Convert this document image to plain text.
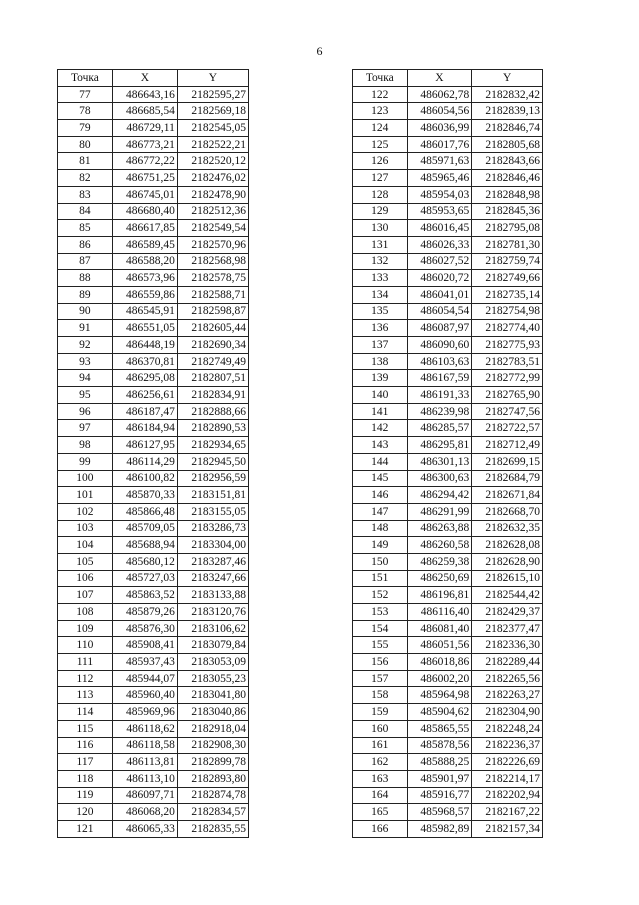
6
Точка	X	Y
77	486643,16	2182595,27
78	486685,54	2182569,18
79	486729,11	2182545,05
80	486773,21	2182522,21
81	486772,22	2182520,12
82	486751,25	2182476,02
83	486745,01	2182478,90
84	486680,40	2182512,36
85	486617,85	2182549,54
86	486589,45	2182570,96
87	486588,20	2182568,98
88	486573,96	2182578,75
89	486559,86	2182588,71
90	486545,91	2182598,87
91	486551,05	2182605,44
92	486448,19	2182690,34
93	486370,81	2182749,49
94	486295,08	2182807,51
95	486256,61	2182834,91
96	486187,47	2182888,66
97	486184,94	2182890,53
98	486127,95	2182934,65
99	486114,29	2182945,50
100	486100,82	2182956,59
101	485870,33	2183151,81
102	485866,48	2183155,05
103	485709,05	2183286,73
104	485688,94	2183304,00
105	485680,12	2183287,46
106	485727,03	2183247,66
107	485863,52	2183133,88
108	485879,26	2183120,76
109	485876,30	2183106,62
110	485908,41	2183079,84
111	485937,43	2183053,09
112	485944,07	2183055,23
113	485960,40	2183041,80
114	485969,96	2183040,86
115	486118,62	2182918,04
116	486118,58	2182908,30
117	486113,81	2182899,78
118	486113,10	2182893,80
119	486097,71	2182874,78
120	486068,20	2182834,57
121	486065,33	2182835,55
Точка	X	Y
122	486062,78	2182832,42
123	486054,56	2182839,13
124	486036,99	2182846,74
125	486017,76	2182805,68
126	485971,63	2182843,66
127	485965,46	2182846,46
128	485954,03	2182848,98
129	485953,65	2182845,36
130	486016,45	2182795,08
131	486026,33	2182781,30
132	486027,52	2182759,74
133	486020,72	2182749,66
134	486041,01	2182735,14
135	486054,54	2182754,98
136	486087,97	2182774,40
137	486090,60	2182775,93
138	486103,63	2182783,51
139	486167,59	2182772,99
140	486191,33	2182765,90
141	486239,98	2182747,56
142	486285,57	2182722,57
143	486295,81	2182712,49
144	486301,13	2182699,15
145	486300,63	2182684,79
146	486294,42	2182671,84
147	486291,99	2182668,70
148	486263,88	2182632,35
149	486260,58	2182628,08
150	486259,38	2182628,90
151	486250,69	2182615,10
152	486196,81	2182544,42
153	486116,40	2182429,37
154	486081,40	2182377,47
155	486051,56	2182336,30
156	486018,86	2182289,44
157	486002,20	2182265,56
158	485964,98	2182263,27
159	485904,62	2182304,90
160	485865,55	2182248,24
161	485878,56	2182236,37
162	485888,25	2182226,69
163	485901,97	2182214,17
164	485916,77	2182202,94
165	485968,57	2182167,22
166	485982,89	2182157,34
